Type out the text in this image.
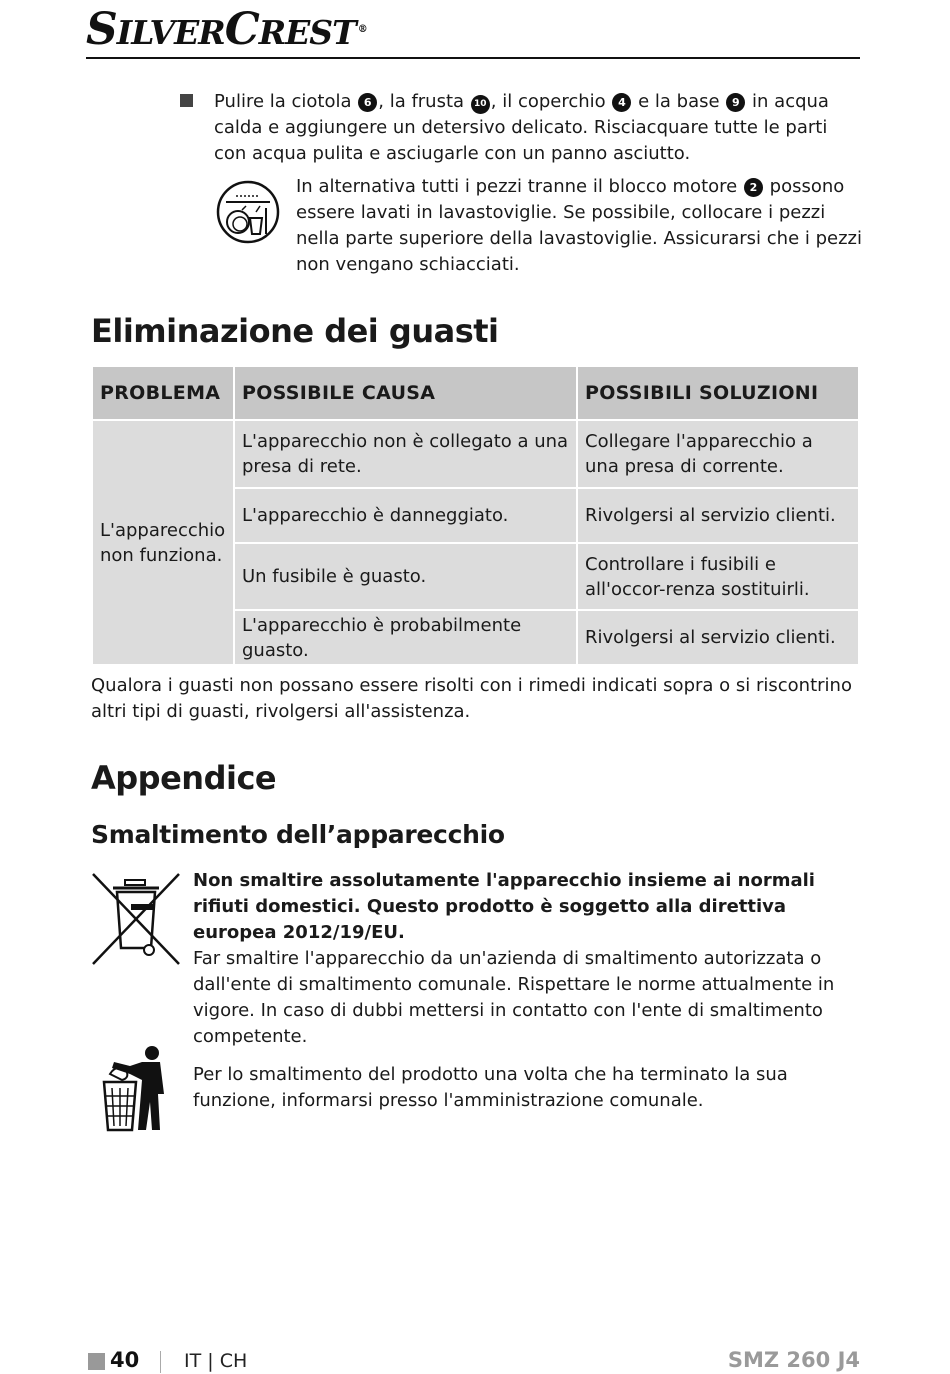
SILVERCREST ®
Pulire la ciotola 6 , la frusta 10 , il coperchio 4 e la base 9 in acqua calda e aggiungere un detersivo delicato. Risciacquare tutte le parti con acqua pulita e asciugarle con un panno asciutto.
In alternativa tutti i pezzi tranne il blocco motore 2 possono essere lavati in lavastoviglie. Se possibile, collocare i pezzi nella parte superiore della lavastoviglie. Assicurarsi che i pezzi non vengano schiacciati.
Eliminazione dei guasti
PROBLEMA	POSSIBILE CAUSA	POSSIBILI SOLUZIONI
L'apparecchio non funziona.	L'apparecchio non è collegato a una presa di rete.	Collegare l'apparecchio a una presa di corrente.
	L'apparecchio è danneggiato.	Rivolgersi al servizio clienti.
	Un fusibile è guasto.	Controllare i fusibili e all'occor-renza sostituirli.
	L'apparecchio è probabilmente guasto.	Rivolgersi al servizio clienti.
Qualora i guasti non possano essere risolti con i rimedi indicati sopra o si riscontrino altri tipi di guasti, rivolgersi all'assistenza.
Appendice
Smaltimento dell’apparecchio
Non smaltire assolutamente l'apparecchio insieme ai normali rifiuti domestici. Questo prodotto è soggetto alla direttiva europea 2012/19/EU.
Far smaltire l'apparecchio da un'azienda di smaltimento autorizzata o dall'ente di smaltimento comunale. Rispettare le norme attualmente in vigore. In caso di dubbi mettersi in contatto con l'ente di smaltimento competente.
Per lo smaltimento del prodotto una volta che ha terminato la sua funzione, informarsi presso l'amministrazione comunale.
40 IT | CH	SMZ 260 J4
